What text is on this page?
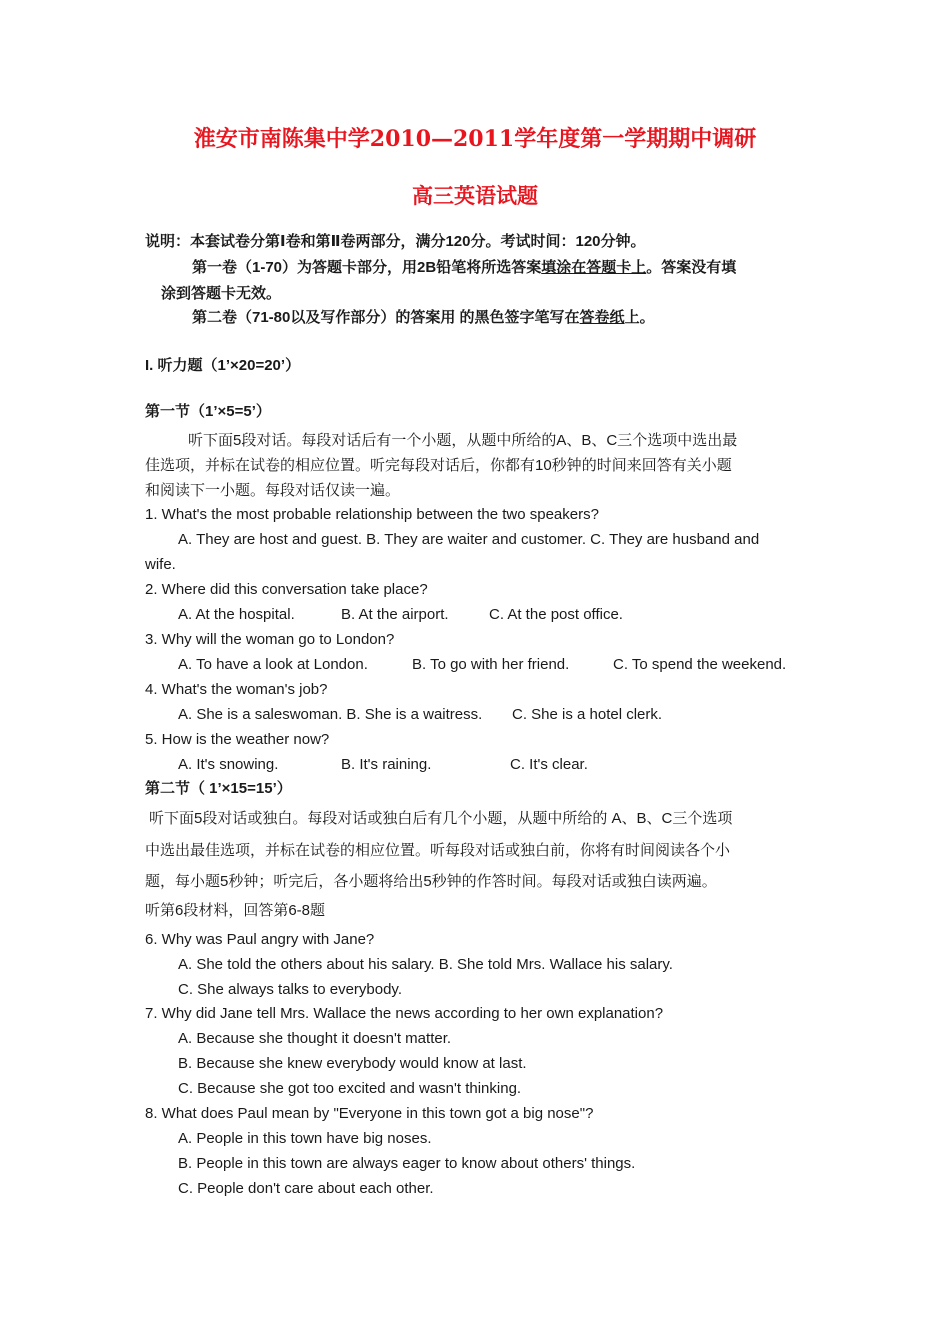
淮安市南陈集中学2010—2011学年度第一学期期中调研
高三英语试题
说明：本套试卷分第Ⅰ卷和第Ⅱ卷两部分，满分120分。考试时间：120分钟。
第一卷（1-70）为答题卡部分，用2B铅笔将所选答案填涂在答题卡上。答案没有填
涂到答题卡无效。
第二卷（71-80以及写作部分）的答案用 的黑色签字笔写在答卷纸上。
I. 听力题（1’×20=20’）
第一节（1’×5=5’）
听下面5段对话。每段对话后有一个小题，从题中所给的A、B、C三个选项中选出最
佳选项，并标在试卷的相应位置。听完每段对话后，你都有10秒钟的时间来回答有关小题
和阅读下一小题。每段对话仅读一遍。
1. What's the most probable relationship between the two speakers?
A. They are host and guest. B. They are waiter and customer. C. They are husband and
wife.
2. Where did this conversation take place?
A. At the hospital.	B. At the airport.	C. At the post office.
3. Why will the woman go to London?
A. To have a look at London.	B. To go with her friend.	C. To spend the weekend.
4. What's the woman's job?
A. She is a saleswoman. B. She is a waitress. C. She is a hotel clerk.
5. How is the weather now?
A. It's snowing.	B. It's raining.	C. It's clear.
第二节（ 1’×15=15’）
听下面5段对话或独白。每段对话或独白后有几个小题，从题中所给的 A、B、C三个选项
中选出最佳选项，并标在试卷的相应位置。听每段对话或独白前，你将有时间阅读各个小
题，每小题5秒钟；听完后，各小题将给出5秒钟的作答时间。每段对话或独白读两遍。
听第6段材料，回答第6-8题
6. Why was Paul angry with Jane?
A. She told the others about his salary. B. She told Mrs. Wallace his salary.
C. She always talks to everybody.
7. Why did Jane tell Mrs. Wallace the news according to her own explanation?
A. Because she thought it doesn't matter.
B. Because she knew everybody would know at last.
C. Because she got too excited and wasn't thinking.
8. What does Paul mean by "Everyone in this town got a big nose"?
A. People in this town have big noses.
B. People in this town are always eager to know about others' things.
C. People don't care about each other.
